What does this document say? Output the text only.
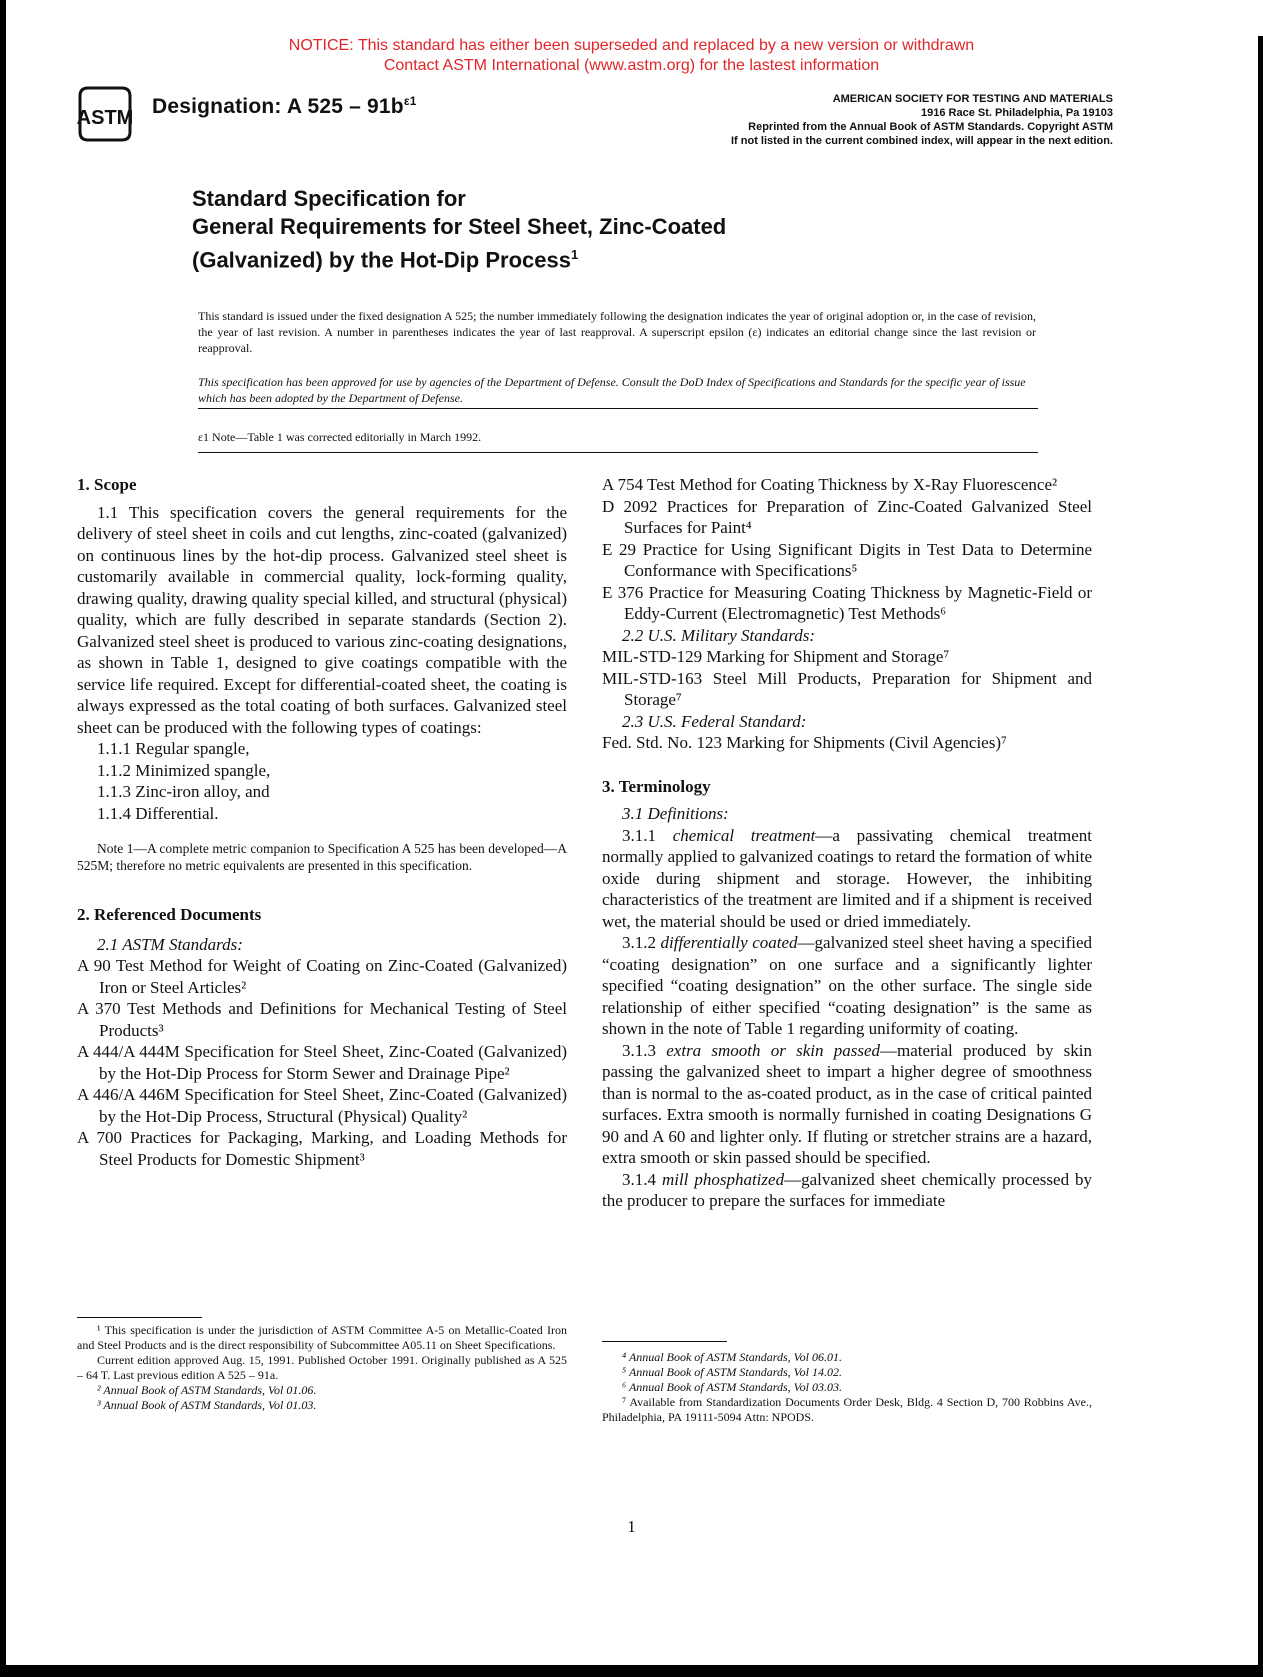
NOTICE: This standard has either been superseded and replaced by a new version or withdrawn
Contact ASTM International (www.astm.org) for the lastest information
ASTM Designation: A $525 - 91b^{\varepsilon 1}$	AMERICAN SOCIETY FOR TESTING AND MATERIALS
1916 Race St. Philadelphia, Pa 19103
Reprinted from the Annual Book of ASTM Standards. Copyright ASTM
If not listed in the current combined index, will appear in the next edition.
Standard Specification for
General Requirements for Steel Sheet, Zinc-Coated
(Galvanized) by the Hot-Dip Process$^1$
This standard is issued under the fixed designation A 525; the number immediately following the designation indicates the year of original adoption or, in the case of revision, the year of last revision. A number in parentheses indicates the year of last reapproval. A superscript epsilon (ε) indicates an editorial change since the last revision or reapproval.
This specification has been approved for use by agencies of the Department of Defense. Consult the DoD Index of Specifications and Standards for the specific year of issue which has been adopted by the Department of Defense.
ε1 Note—Table 1 was corrected editorially in March 1992.

1. Scope

1.1 This specification covers the general requirements for the delivery of steel sheet in coils and cut lengths, zinc-coated (galvanized) on continuous lines by the hot-dip process. Galvanized steel sheet is customarily available in commercial quality, lock-forming quality, drawing quality, drawing quality special killed, and structural (physical) quality, which are fully described in separate standards (Section 2). Galvanized steel sheet is produced to various zinc-coating designations, as shown in Table 1, designed to give coatings compatible with the service life required. Except for differential-coated sheet, the coating is always expressed as the total coating of both surfaces. Galvanized steel sheet can be produced with the following types of coatings:

1.1.1 Regular spangle,

1.1.2 Minimized spangle,

1.1.3 Zinc-iron alloy, and

1.1.4 Differential.

Note 1—A complete metric companion to Specification A 525 has been developed—A 525M; therefore no metric equivalents are presented in this specification.

2. Referenced Documents

2.1 ASTM Standards:

A 90 Test Method for Weight of Coating on Zinc-Coated (Galvanized) Iron or Steel Articles²

A 370 Test Methods and Definitions for Mechanical Testing of Steel Products³

A 444/A 444M Specification for Steel Sheet, Zinc-Coated (Galvanized) by the Hot-Dip Process for Storm Sewer and Drainage Pipe²

A 446/A 446M Specification for Steel Sheet, Zinc-Coated (Galvanized) by the Hot-Dip Process, Structural (Physical) Quality²

A 700 Practices for Packaging, Marking, and Loading Methods for Steel Products for Domestic Shipment³

¹ This specification is under the jurisdiction of ASTM Committee A-5 on Metallic-Coated Iron and Steel Products and is the direct responsibility of Subcommittee A05.11 on Sheet Specifications.

Current edition approved Aug. 15, 1991. Published October 1991. Originally published as A 525 – 64 T. Last previous edition A 525 – 91a.

² Annual Book of ASTM Standards, Vol 01.06.

³ Annual Book of ASTM Standards, Vol 01.03.

A 754 Test Method for Coating Thickness by X-Ray Fluorescence²

D 2092 Practices for Preparation of Zinc-Coated Galvanized Steel Surfaces for Paint⁴

E 29 Practice for Using Significant Digits in Test Data to Determine Conformance with Specifications⁵

E 376 Practice for Measuring Coating Thickness by Magnetic-Field or Eddy-Current (Electromagnetic) Test Methods⁶

2.2 U.S. Military Standards:

MIL-STD-129 Marking for Shipment and Storage⁷

MIL-STD-163 Steel Mill Products, Preparation for Shipment and Storage⁷

2.3 U.S. Federal Standard:

Fed. Std. No. 123 Marking for Shipments (Civil Agencies)⁷

3. Terminology

3.1 Definitions:

3.1.1 chemical treatment—a passivating chemical treatment normally applied to galvanized coatings to retard the formation of white oxide during shipment and storage. However, the inhibiting characteristics of the treatment are limited and if a shipment is received wet, the material should be used or dried immediately.

3.1.2 differentially coated—galvanized steel sheet having a specified “coating designation” on one surface and a significantly lighter specified “coating designation” on the other surface. The single side relationship of either specified “coating designation” is the same as shown in the note of Table 1 regarding uniformity of coating.

3.1.3 extra smooth or skin passed—material produced by skin passing the galvanized sheet to impart a higher degree of smoothness than is normal to the as-coated product, as in the case of critical painted surfaces. Extra smooth is normally furnished in coating Designations G 90 and A 60 and lighter only. If fluting or stretcher strains are a hazard, extra smooth or skin passed should be specified.

3.1.4 mill phosphatized—galvanized sheet chemically processed by the producer to prepare the surfaces for immediate

⁴ Annual Book of ASTM Standards, Vol 06.01.

⁵ Annual Book of ASTM Standards, Vol 14.02.

⁶ Annual Book of ASTM Standards, Vol 03.03.

⁷ Available from Standardization Documents Order Desk, Bldg. 4 Section D, 700 Robbins Ave., Philadelphia, PA 19111-5094 Attn: NPODS.

1
